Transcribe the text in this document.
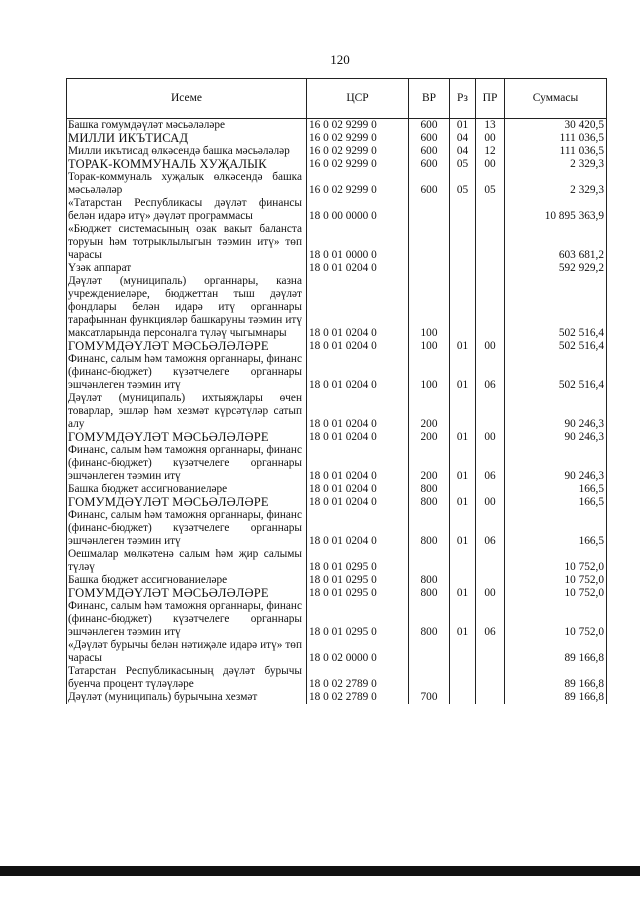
120
Исеме	ЦСР	ВР	Рз	ПР	Суммасы
Башка гомумдәүләт мәсьәләләре	16 0 02 9299 0	600	01	13	30 420,5
МИЛЛИ ИКЪТИСАД	16 0 02 9299 0	600	04	00	111 036,5
Милли икътисад өлкәсендә башка мәсьәләләр	16 0 02 9299 0	600	04	12	111 036,5
ТОРАК-КОММУНАЛЬ ХУҖАЛЫК	16 0 02 9299 0	600	05	00	2 329,3
Торак-коммуналь хуҗалык өлкәсендә башка мәсьәләләр	16 0 02 9299 0	600	05	05	2 329,3
«Татарстан Республикасы дәүләт финансы белән идарә итү» дәүләт программасы	18 0 00 0000 0				10 895 363,9
«Бюджет системасының озак вакыт баланста торуын һәм тотрыклылыгын тәэмин итү» төп чарасы	18 0 01 0000 0				603 681,2
Үзәк аппарат	18 0 01 0204 0				592 929,2
Дәүләт (муниципаль) органнары, казна учреждениеләре, бюджеттан тыш дәүләт фондлары белән идарә итү органнары тарафыннан функцияләр башкаруны тәэмин итү максатларында персоналга түләү чыгымнары	18 0 01 0204 0	100			502 516,4
ГОМУМДӘҮЛӘТ МӘСЬӘЛӘЛӘРЕ	18 0 01 0204 0	100	01	00	502 516,4
Финанс, салым һәм таможня органнары, финанс (финанс-бюджет) күзәтчелеге органнары эшчәнлеген тәэмин итү	18 0 01 0204 0	100	01	06	502 516,4
Дәүләт (муниципаль) ихтыяҗлары өчен товарлар, эшләр һәм хезмәт күрсәтүләр сатып алу	18 0 01 0204 0	200			90 246,3
ГОМУМДӘҮЛӘТ МӘСЬӘЛӘЛӘРЕ	18 0 01 0204 0	200	01	00	90 246,3
Финанс, салым һәм таможня органнары, финанс (финанс-бюджет) күзәтчелеге органнары эшчәнлеген тәэмин итү	18 0 01 0204 0	200	01	06	90 246,3
Башка бюджет ассигнованиеләре	18 0 01 0204 0	800			166,5
ГОМУМДӘҮЛӘТ МӘСЬӘЛӘЛӘРЕ	18 0 01 0204 0	800	01	00	166,5
Финанс, салым һәм таможня органнары, финанс (финанс-бюджет) күзәтчелеге органнары эшчәнлеген тәэмин итү	18 0 01 0204 0	800	01	06	166,5
Оешмалар мөлкәтенә салым һәм җир салымы түләү	18 0 01 0295 0				10 752,0
Башка бюджет ассигнованиеләре	18 0 01 0295 0	800			10 752,0
ГОМУМДӘҮЛӘТ МӘСЬӘЛӘЛӘРЕ	18 0 01 0295 0	800	01	00	10 752,0
Финанс, салым һәм таможня органнары, финанс (финанс-бюджет) күзәтчелеге органнары эшчәнлеген тәэмин итү	18 0 01 0295 0	800	01	06	10 752,0
«Дәүләт бурычы белән нәтиҗәле идарә итү» төп чарасы	18 0 02 0000 0				89 166,8
Татарстан Республикасының дәүләт бурычы буенча процент түләүләре	18 0 02 2789 0				89 166,8
Дәүләт (муниципаль) бурычына хезмәт	18 0 02 2789 0	700			89 166,8
